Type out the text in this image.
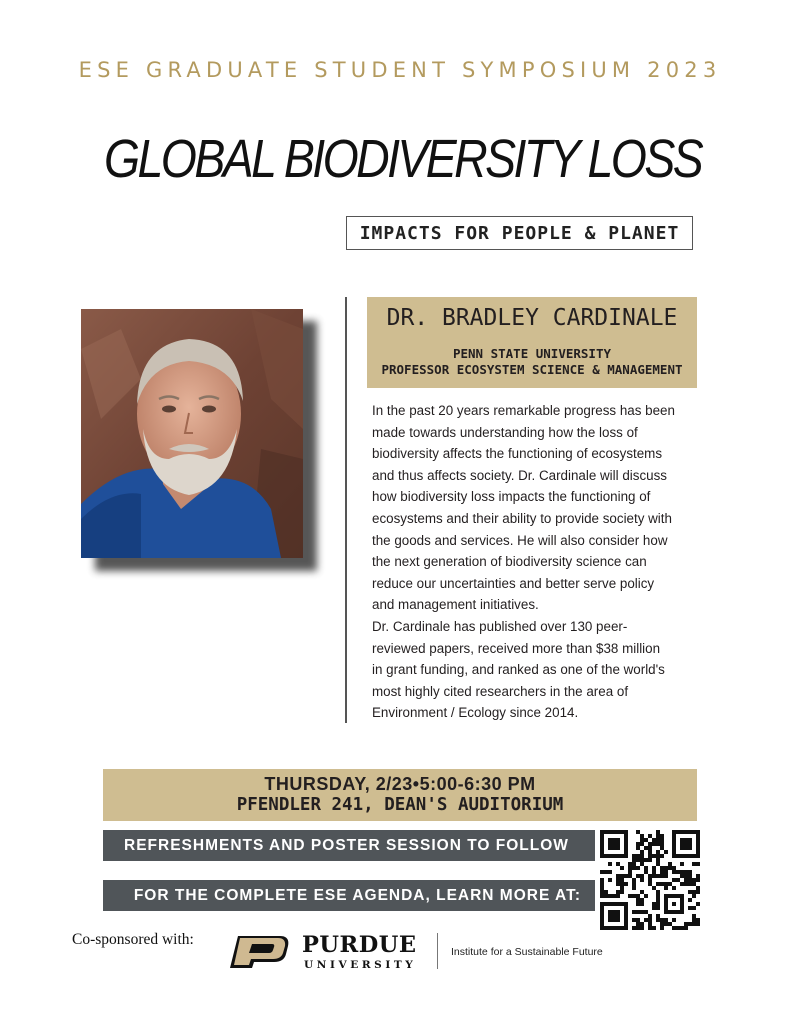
ESE GRADUATE STUDENT SYMPOSIUM 2023
GLOBAL BIODIVERSITY LOSS
IMPACTS FOR PEOPLE & PLANET
DR. BRADLEY CARDINALE
PENN STATE UNIVERSITY
PROFESSOR ECOSYSTEM SCIENCE & MANAGEMENT

In the past 20 years remarkable progress has been

made towards understanding how the loss of

biodiversity affects the functioning of ecosystems

and thus affects society. Dr. Cardinale will discuss

how biodiversity loss impacts the functioning of

ecosystems and their ability to provide society with

the goods and services. He will also consider how

the next generation of biodiversity science can

reduce our uncertainties and better serve policy

and management initiatives.

Dr. Cardinale has published over 130 peer-

reviewed papers, received more than $38 million

in grant funding, and ranked as one of the world's

most highly cited researchers in the area of

Environment / Ecology since 2014.

THURSDAY, 2/23•5:00-6:30 PM
PFENDLER 241, DEAN'S AUDITORIUM
REFRESHMENTS AND POSTER SESSION TO FOLLOW
FOR THE COMPLETE ESE AGENDA, LEARN MORE AT:
Co-sponsored with:	PURDUE
UNIVERSITY
Institute for a Sustainable Future
